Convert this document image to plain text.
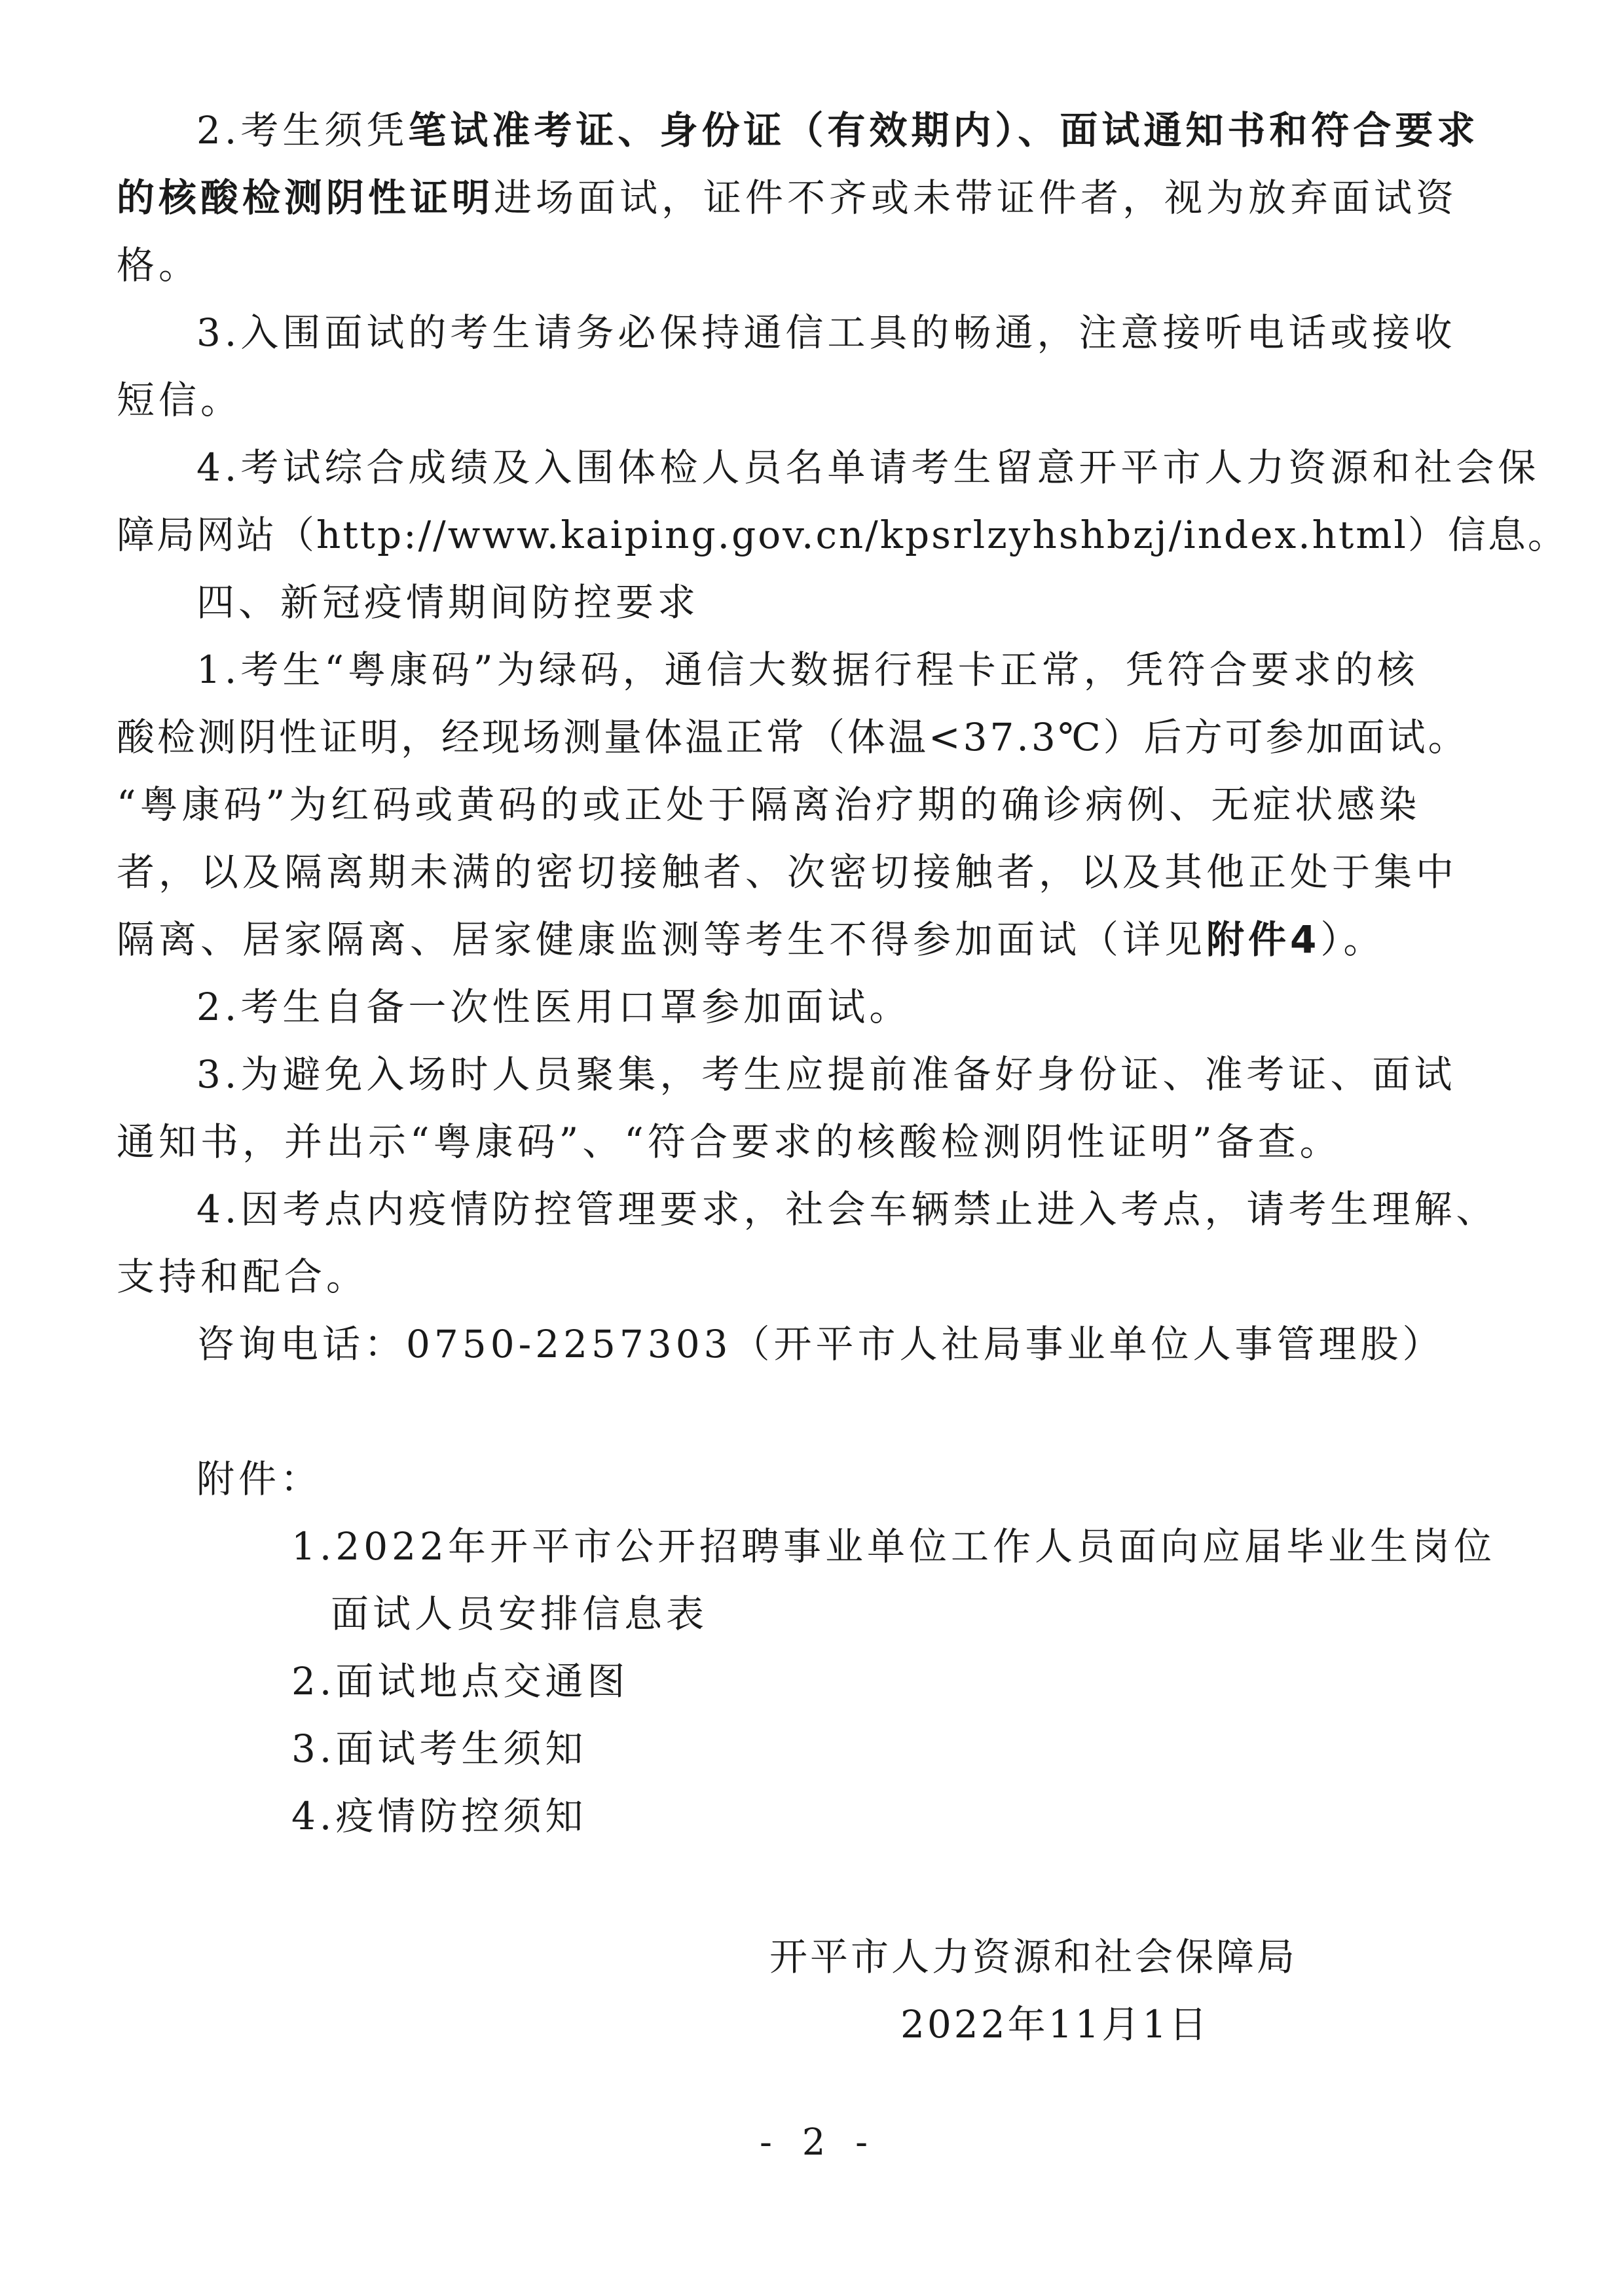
2.考生须凭笔试准考证、身份证（有效期内）、面试通知书和符合要求
的核酸检测阴性证明进场面试，证件不齐或未带证件者，视为放弃面试资
格。
3.入围面试的考生请务必保持通信工具的畅通，注意接听电话或接收
短信。
4.考试综合成绩及入围体检人员名单请考生留意开平市人力资源和社会保
障局网站（http://www.kaiping.gov.cn/kpsrlzyhshbzj/index.html）信息。
四、新冠疫情期间防控要求
1.考生“粤康码”为绿码，通信大数据行程卡正常，凭符合要求的核
酸检测阴性证明，经现场测量体温正常（体温<37.3℃）后方可参加面试。
“粤康码”为红码或黄码的或正处于隔离治疗期的确诊病例、无症状感染
者，以及隔离期未满的密切接触者、次密切接触者，以及其他正处于集中
隔离、居家隔离、居家健康监测等考生不得参加面试（详见附件4）。
2.考生自备一次性医用口罩参加面试。
3.为避免入场时人员聚集，考生应提前准备好身份证、准考证、面试
通知书，并出示“粤康码”、“符合要求的核酸检测阴性证明”备查。
4.因考点内疫情防控管理要求，社会车辆禁止进入考点，请考生理解、
支持和配合。
咨询电话：0750-2257303（开平市人社局事业单位人事管理股）
附件：
1.2022年开平市公开招聘事业单位工作人员面向应届毕业生岗位
面试人员安排信息表
2.面试地点交通图
3.面试考生须知
4.疫情防控须知
开平市人力资源和社会保障局
2022年11月1日
- 2 -
